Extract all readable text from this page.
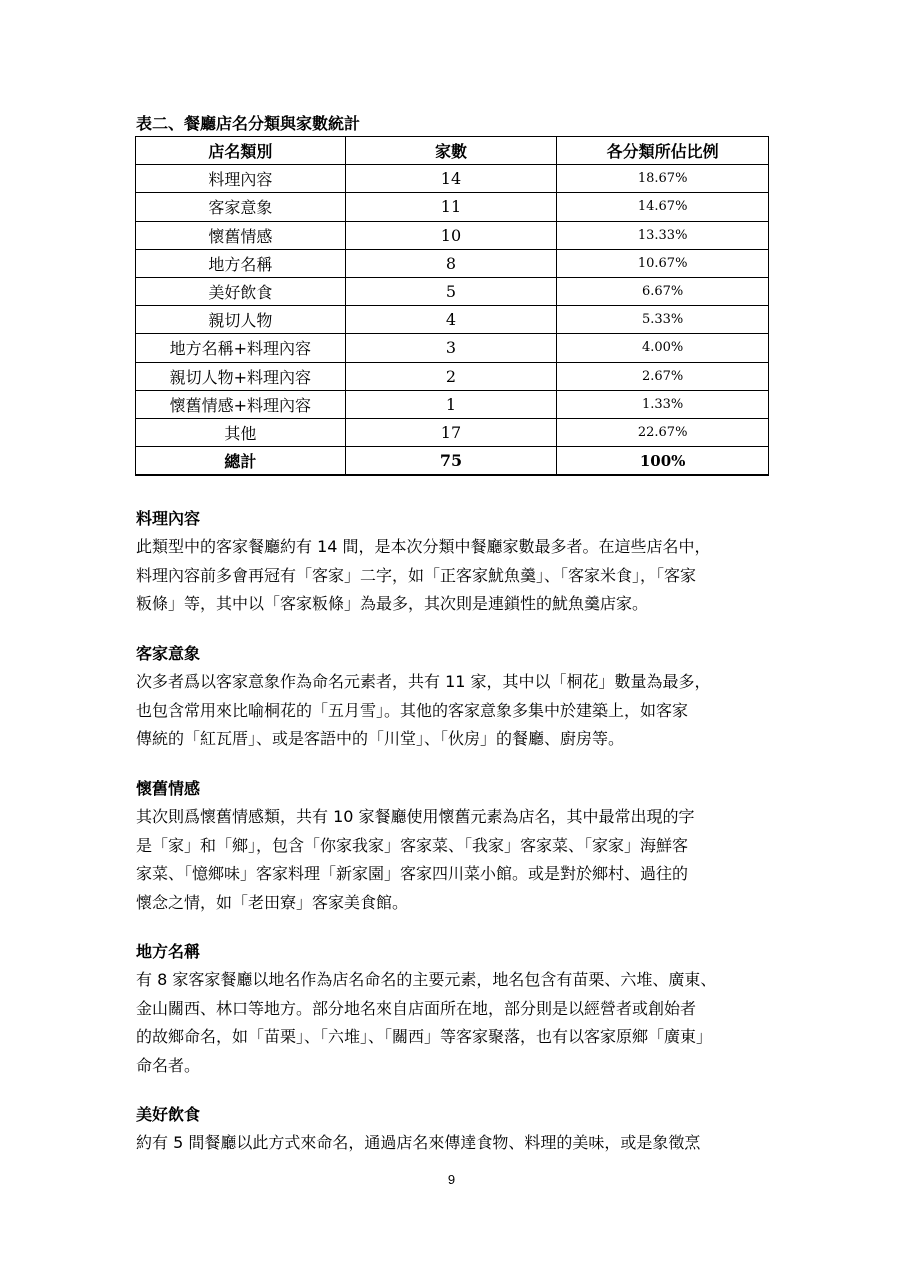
表二、餐廳店名分類與家數統計
店名類別	家數	各分類所佔比例
料理內容	14	18.67%
客家意象	11	14.67%
懷舊情感	10	13.33%
地方名稱	8	10.67%
美好飲食	5	6.67%
親切人物	4	5.33%
地方名稱+料理內容	3	4.00%
親切人物+料理內容	2	2.67%
懷舊情感+料理內容	1	1.33%
其他	17	22.67%
總計	75	100%
料理內容

此類型中的客家餐廳約有 14 間，是本次分類中餐廳家數最多者。在這些店名中，

料理內容前多會再冠有「客家」二字，如「正客家魷魚羹」、「客家米食」，「客家

粄條」等，其中以「客家粄條」為最多，其次則是連鎖性的魷魚羹店家。

客家意象

次多者爲以客家意象作為命名元素者，共有 11 家，其中以「桐花」數量為最多，

也包含常用來比喻桐花的「五月雪」。其他的客家意象多集中於建築上，如客家

傳統的「紅瓦厝」、或是客語中的「川堂」、「伙房」的餐廳、廚房等。

懷舊情感

其次則爲懷舊情感類，共有 10 家餐廳使用懷舊元素為店名，其中最常出現的字

是「家」和「鄉」，包含「你家我家」客家菜、「我家」客家菜、「家家」海鮮客

家菜、「憶鄉味」客家料理「新家園」客家四川菜小館。或是對於鄉村、過往的

懷念之情，如「老田寮」客家美食館。

地方名稱

有 8 家客家餐廳以地名作為店名命名的主要元素，地名包含有苗栗、六堆、廣東、

金山關西、林口等地方。部分地名來自店面所在地，部分則是以經營者或創始者

的故鄉命名，如「苗栗」、「六堆」、「關西」等客家聚落，也有以客家原鄉「廣東」

命名者。

美好飲食

約有 5 間餐廳以此方式來命名，通過店名來傳達食物、料理的美味，或是象徵烹

9
